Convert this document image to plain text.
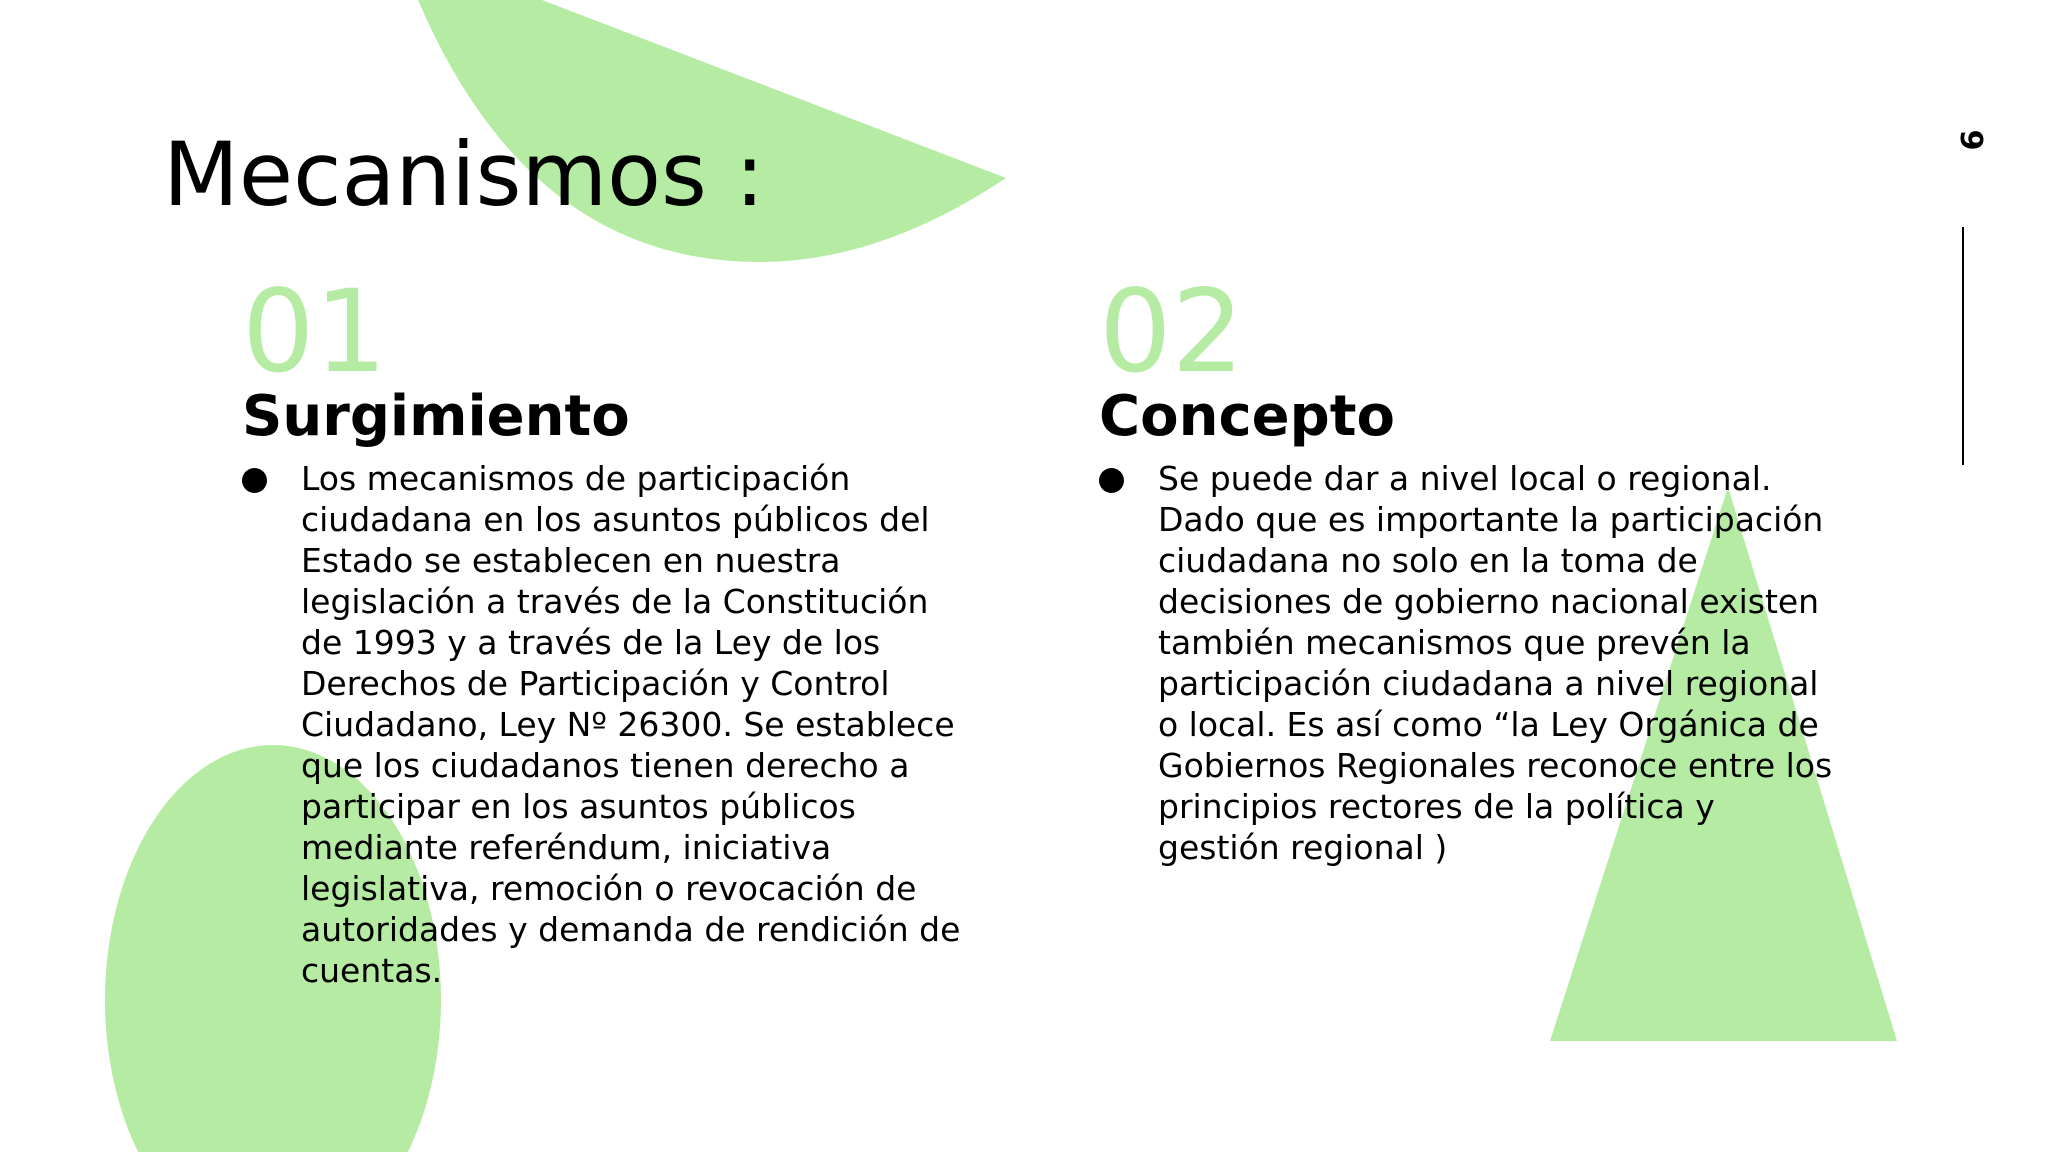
Mecanismos :	9
01
Surgimiento
Los mecanismos de participación ciudadana en los asuntos públicos del Estado se establecen en nuestra legislación a través de la Constitución de 1993 y a través de la Ley de los Derechos de Participación y Control Ciudadano, Ley Nº 26300. Se establece que los ciudadanos tienen derecho a participar en los asuntos públicos mediante referéndum, iniciativa legislativa, remoción o revocación de autoridades y demanda de rendición de cuentas.
02
Concepto
Se puede dar a nivel local o regional. Dado que es importante la participación ciudadana no solo en la toma de decisiones de gobierno nacional existen también mecanismos que prevén la participación ciudadana a nivel regional o local. Es así como “la Ley Orgánica de Gobiernos Regionales reconoce entre los principios rectores de la política y gestión regional )
